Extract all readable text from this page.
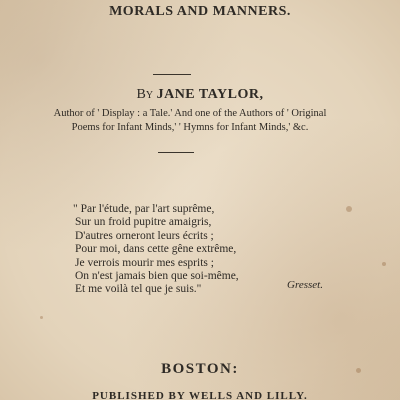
MORALS AND MANNERS.
By JANE TAYLOR,
Author of ' Display : a Tale.' And one of the Authors of ' Original
Poems for Infant Minds,' ' Hymns for Infant Minds,' &c.
" Par l'étude, par l'art suprême,
Sur un froid pupitre amaigris,
D'autres orneront leurs écrits ;
Pour moi, dans cette gêne extrême,
Je verrois mourir mes esprits ;
On n'est jamais bien que soi-même,
Et me voilà tel que je suis."	Gresset.
BOSTON:
PUBLISHED BY WELLS AND LILLY.
